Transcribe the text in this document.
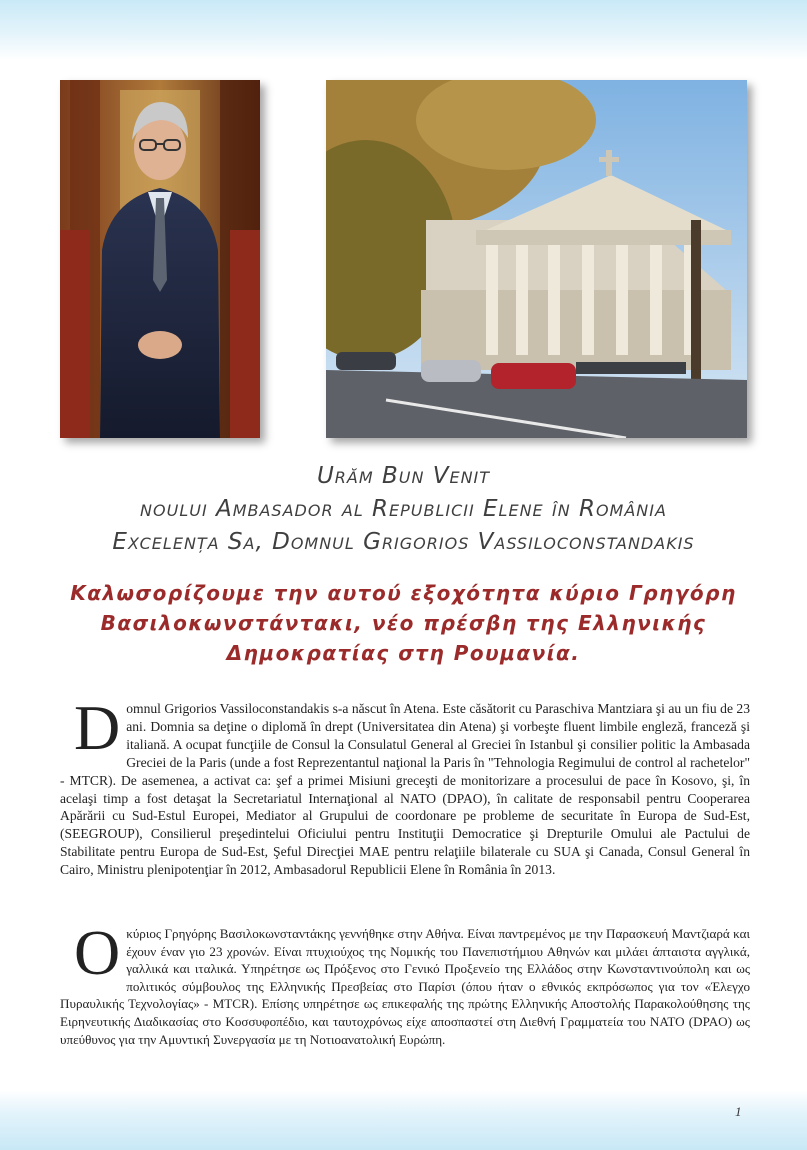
Urăm Bun Venit
noului Ambasador al Republicii Elene în România
Excelența Sa, Domnul Grigorios Vassiloconstandakis
Καλωσορίζουμε την αυτού εξοχότητα κύριο Γρηγόρη
Βασιλοκωνστάντακι, νέο πρέσβη της Ελληνικής
Δημοκρατίας στη Ρουμανία.
Domnul Grigorios Vassiloconstandakis s-a născut în Atena. Este căsătorit cu Paraschiva Mantziara şi au un fiu de 23 ani. Domnia sa deţine o diplomă în drept (Universitatea din Atena) şi vorbeşte fluent limbile engleză, franceză şi italiană. A ocupat funcţiile de Consul la Consulatul General al Greciei în Istanbul şi consilier politic la Ambasada Greciei de la Paris (unde a fost Reprezentantul naţional la Paris în "Tehnologia Regimului de control al rachetelor" - MTCR). De asemenea, a activat ca: şef a primei Misiuni greceşti de monitorizare a procesului de pace în Kosovo, şi, în acelaşi timp a fost detaşat la Secretariatul Internaţional al NATO (DPAO), în calitate de responsabil pentru Cooperarea Apărării cu Sud-Estul Europei, Mediator al Grupului de coordonare pe probleme de securitate în Europa de Sud-Est, (SEEGROUP), Consilierul preşedintelui Oficiului pentru Instituţii Democratice şi Drepturile Omului ale Pactului de Stabilitate pentru Europa de Sud-Est, Şeful Direcţiei MAE pentru relaţiile bilaterale cu SUA şi Canada, Consul General în Cairo, Ministru plenipotenţiar în 2012, Ambasadorul Republicii Elene în România în 2013.
Οκύριος Γρηγόρης Βασιλοκωνσταντάκης γεννήθηκε στην Αθήνα. Είναι παντρεμένος με την Παρασκευή Μαντζιαρά και έχουν έναν γιο 23 χρονών. Είναι πτυχιούχος της Νομικής του Πανεπιστήμιου Αθηνών και μιλάει άπταιστα αγγλικά, γαλλικά και ιταλικά. Υπηρέτησε ως Πρόξενος στο Γενικό Προξενείο της Ελλάδος στην Κωνσταντινούπολη και ως πολιτικός σύμβουλος της Ελληνικής Πρεσβείας στο Παρίσι (όπου ήταν ο εθνικός εκπρόσωπος για τον «Έλεγχο Πυραυλικής Τεχνολογίας» - MTCR). Επίσης υπηρέτησε ως επικεφαλής της πρώτης Ελληνικής Αποστολής Παρακολούθησης της Ειρηνευτικής Διαδικασίας στο Κοσσυφοπέδιο, και ταυτοχρόνως είχε αποσπαστεί στη Διεθνή Γραμματεία του ΝΑΤΟ (DPAO) ως υπεύθυνος για την Αμυντική Συνεργασία με τη Νοτιοανατολική Ευρώπη.
1
